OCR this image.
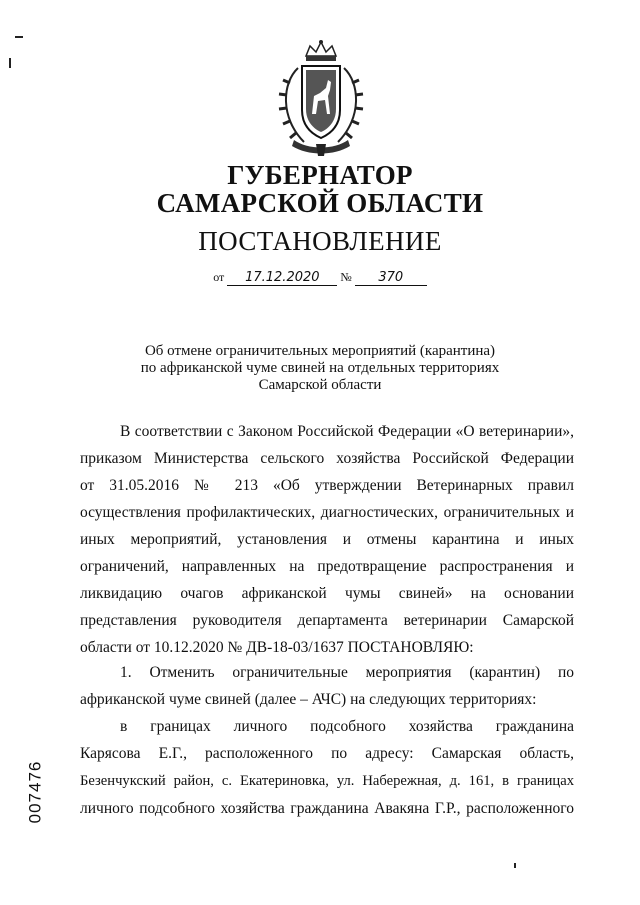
ГУБЕРНАТОР
САМАРСКОЙ ОБЛАСТИ
ПОСТАНОВЛЕНИЕ
от 17.12.2020 № 370
Об отмене ограничительных мероприятий (карантина)
по африканской чуме свиней на отдельных территориях
Самарской области
В соответствии с Законом Российской Федерации «О ветеринарии»,
приказом Министерства сельского хозяйства Российской Федерации
от 31.05.2016 № 213 «Об утверждении Ветеринарных правил
осуществления профилактических, диагностических, ограничительных и
иных мероприятий, установления и отмены карантина и иных
ограничений, направленных на предотвращение распространения и
ликвидацию очагов африканской чумы свиней» на основании
представления руководителя департамента ветеринарии Самарской
области от 10.12.2020 № ДВ-18-03/1637 ПОСТАНОВЛЯЮ:
1. Отменить ограничительные мероприятия (карантин) по
африканской чуме свиней (далее – АЧС) на следующих территориях:
в границах личного подсобного хозяйства гражданина
Карясова Е.Г., расположенного по адресу: Самарская область,
Безенчукский район, с. Екатериновка, ул. Набережная, д. 161, в границах
личного подсобного хозяйства гражданина Авакяна Г.Р., расположенного
007476
